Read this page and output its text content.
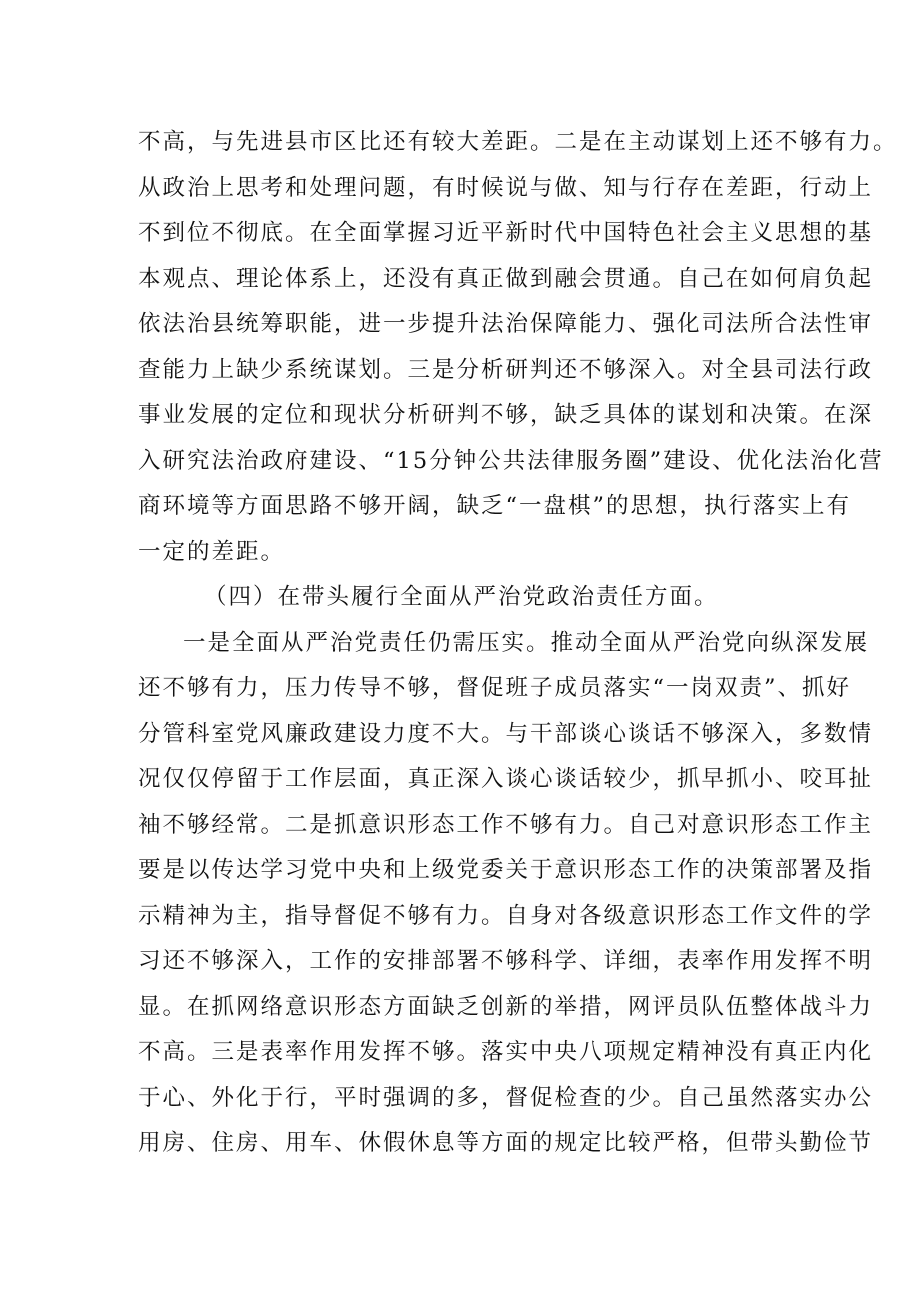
不高，与先进县市区比还有较大差距。二是在主动谋划上还不够有力。
从政治上思考和处理问题，有时候说与做、知与行存在差距，行动上
不到位不彻底。在全面掌握习近平新时代中国特色社会主义思想的基
本观点、理论体系上，还没有真正做到融会贯通。自己在如何肩负起
依法治县统筹职能，进一步提升法治保障能力、强化司法所合法性审
查能力上缺少系统谋划。三是分析研判还不够深入。对全县司法行政
事业发展的定位和现状分析研判不够，缺乏具体的谋划和决策。在深
入研究法治政府建设、“15分钟公共法律服务圈”建设、优化法治化营
商环境等方面思路不够开阔，缺乏“一盘棋”的思想，执行落实上有
一定的差距。
（四）在带头履行全面从严治党政治责任方面。
一是全面从严治党责任仍需压实。推动全面从严治党向纵深发展
还不够有力，压力传导不够，督促班子成员落实“一岗双责”、抓好
分管科室党风廉政建设力度不大。与干部谈心谈话不够深入，多数情
况仅仅停留于工作层面，真正深入谈心谈话较少，抓早抓小、咬耳扯
袖不够经常。二是抓意识形态工作不够有力。自己对意识形态工作主
要是以传达学习党中央和上级党委关于意识形态工作的决策部署及指
示精神为主，指导督促不够有力。自身对各级意识形态工作文件的学
习还不够深入，工作的安排部署不够科学、详细，表率作用发挥不明
显。在抓网络意识形态方面缺乏创新的举措，网评员队伍整体战斗力
不高。三是表率作用发挥不够。落实中央八项规定精神没有真正内化
于心、外化于行，平时强调的多，督促检查的少。自己虽然落实办公
用房、住房、用车、休假休息等方面的规定比较严格，但带头勤俭节
